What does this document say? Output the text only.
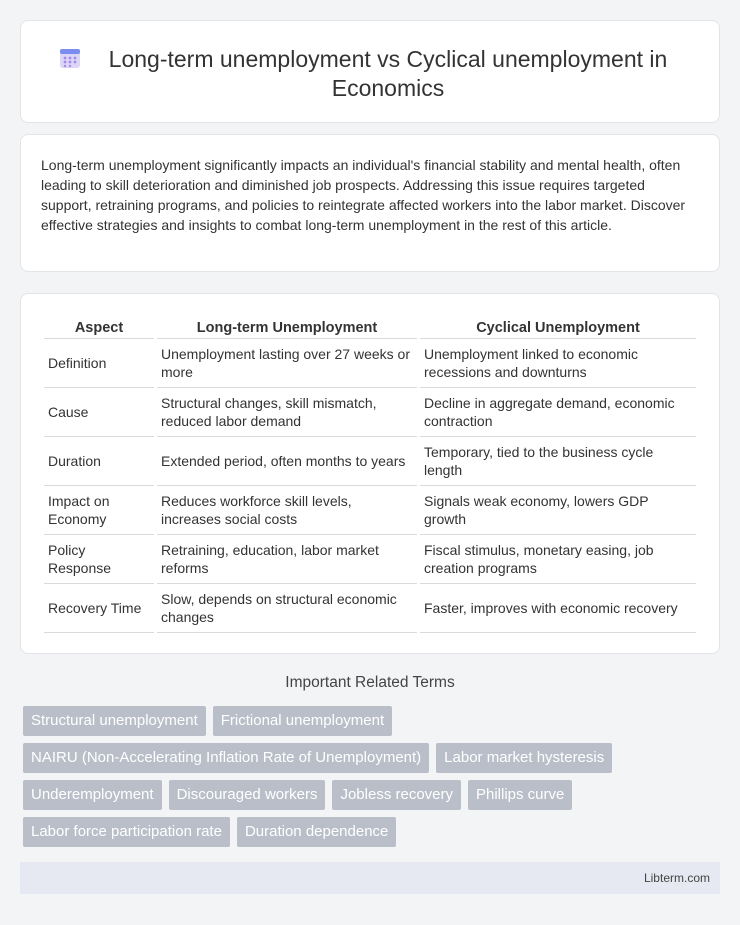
Long-term unemployment vs Cyclical unemployment in Economics

Long-term unemployment significantly impacts an individual's financial stability and mental health, often leading to skill deterioration and diminished job prospects. Addressing this issue requires targeted support, retraining programs, and policies to reintegrate affected workers into the labor market. Discover effective strategies and insights to combat long-term unemployment in the rest of this article.

Aspect	Long-term Unemployment	Cyclical Unemployment
Definition	Unemployment lasting over 27 weeks or more	Unemployment linked to economic recessions and downturns
Cause	Structural changes, skill mismatch, reduced labor demand	Decline in aggregate demand, economic contraction
Duration	Extended period, often months to years	Temporary, tied to the business cycle length
Impact on Economy	Reduces workforce skill levels, increases social costs	Signals weak economy, lowers GDP growth
Policy Response	Retraining, education, labor market reforms	Fiscal stimulus, monetary easing, job creation programs
Recovery Time	Slow, depends on structural economic changes	Faster, improves with economic recovery
Important Related Terms
Structural unemployment	Frictional unemployment
NAIRU (Non-Accelerating Inflation Rate of Unemployment)	Labor market hysteresis
Underemployment	Discouraged workers	Jobless recovery	Phillips curve
Labor force participation rate	Duration dependence
Libterm.com
